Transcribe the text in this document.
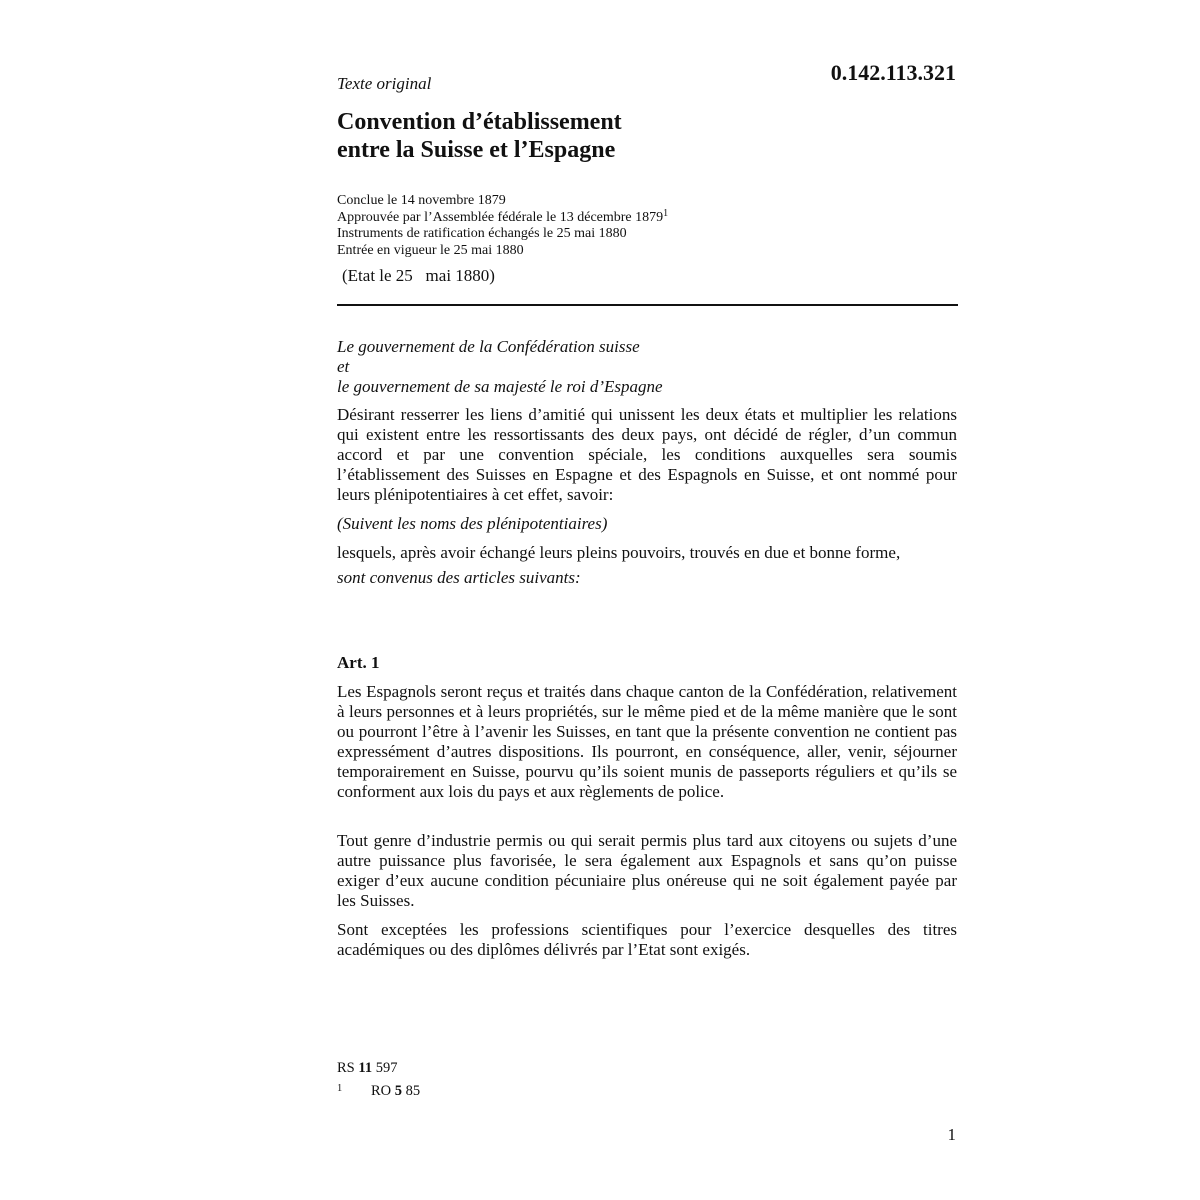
Texte original	0.142.113.321
Convention d’établissement
entre la Suisse et l’Espagne
Conclue le 14 novembre 1879
Approuvée par l’Assemblée fédérale le 13 décembre 1879$^1$
Instruments de ratification échangés le 25 mai 1880
Entrée en vigueur le 25 mai 1880
(Etat le 25   mai 1880)
Le gouvernement de la Confédération suisse
et
le gouvernement de sa majesté le roi d’Espagne
Désirant resserrer les liens d’amitié qui unissent les deux états et multiplier les relations qui existent entre les ressortissants des deux pays, ont décidé de régler, d’un commun accord et par une convention spéciale, les conditions auxquelles sera soumis l’établissement des Suisses en Espagne et des Espagnols en Suisse, et ont nommé pour leurs plénipotentiaires à cet effet, savoir:
(Suivent les noms des plénipotentiaires)
lesquels, après avoir échangé leurs pleins pouvoirs, trouvés en due et bonne forme,
sont convenus des articles suivants:
Art. 1
Les Espagnols seront reçus et traités dans chaque canton de la Confédération, relativement à leurs personnes et à leurs propriétés, sur le même pied et de la même manière que le sont ou pourront l’être à l’avenir les Suisses, en tant que la présente convention ne contient pas expressément d’autres dispositions. Ils pourront, en conséquence, aller, venir, séjourner temporairement en Suisse, pourvu qu’ils soient munis de passeports réguliers et qu’ils se conforment aux lois du pays et aux règlements de police.
Tout genre d’industrie permis ou qui serait permis plus tard aux citoyens ou sujets d’une autre puissance plus favorisée, le sera également aux Espagnols et sans qu’on puisse exiger d’eux aucune condition pécuniaire plus onéreuse qui ne soit également payée par les Suisses.
Sont exceptées les professions scientifiques pour l’exercice desquelles des titres académiques ou des diplômes délivrés par l’Etat sont exigés.
RS 11 597
1 RO 5 85
1
